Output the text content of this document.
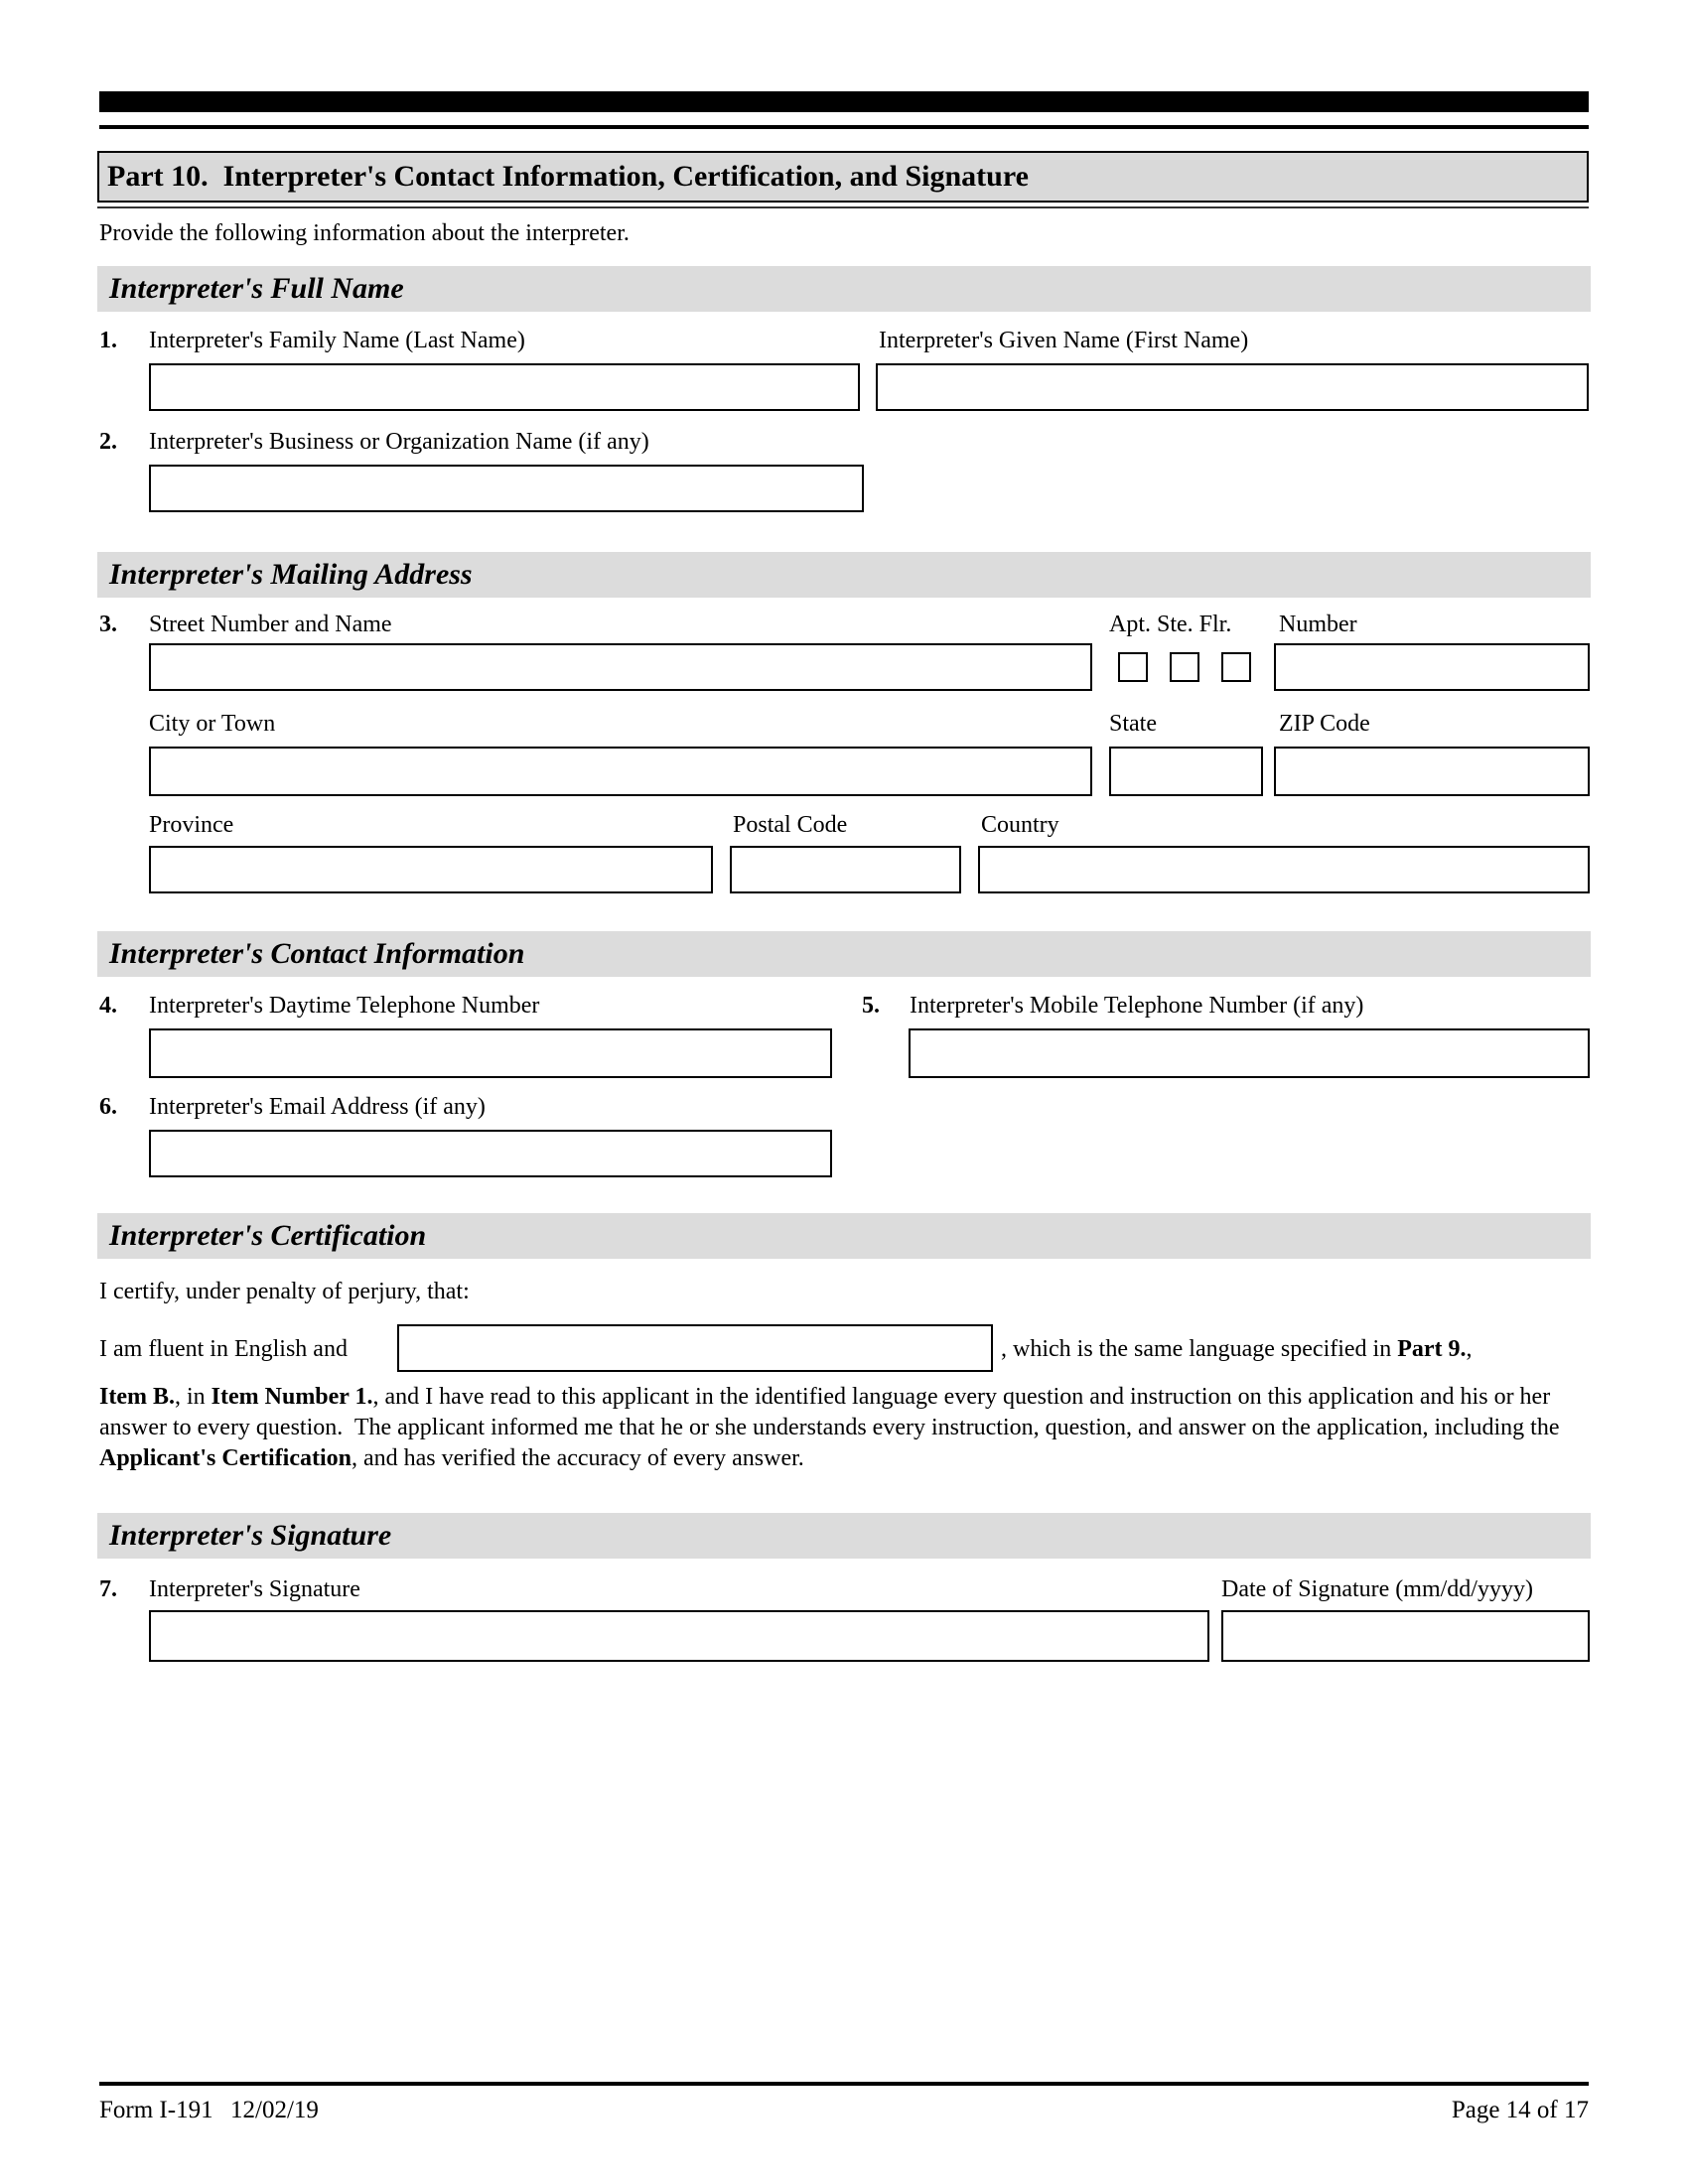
Part 10.  Interpreter's Contact Information, Certification, and Signature
Provide the following information about the interpreter.
Interpreter's Full Name
1. Interpreter's Family Name (Last Name)	Interpreter's Given Name (First Name)
2. Interpreter's Business or Organization Name (if any)
Interpreter's Mailing Address
3. Street Number and Name	Apt. Ste. Flr. Number
City or Town	State	ZIP Code
Province	Postal Code	Country
Interpreter's Contact Information
4. Interpreter's Daytime Telephone Number	5. Interpreter's Mobile Telephone Number (if any)
6. Interpreter's Email Address (if any)
Interpreter's Certification
I certify, under penalty of perjury, that:
I am fluent in English and	, which is the same language specified in Part 9.,
Item B., in Item Number 1., and I have read to this applicant in the identified language every question and instruction on this application and his or her answer to every question.  The applicant informed me that he or she understands every instruction, question, and answer on the application, including the Applicant's Certification, and has verified the accuracy of every answer.
Interpreter's Signature
7. Interpreter's Signature	Date of Signature (mm/dd/yyyy)
Form I-191 12/02/19	Page 14 of 17
